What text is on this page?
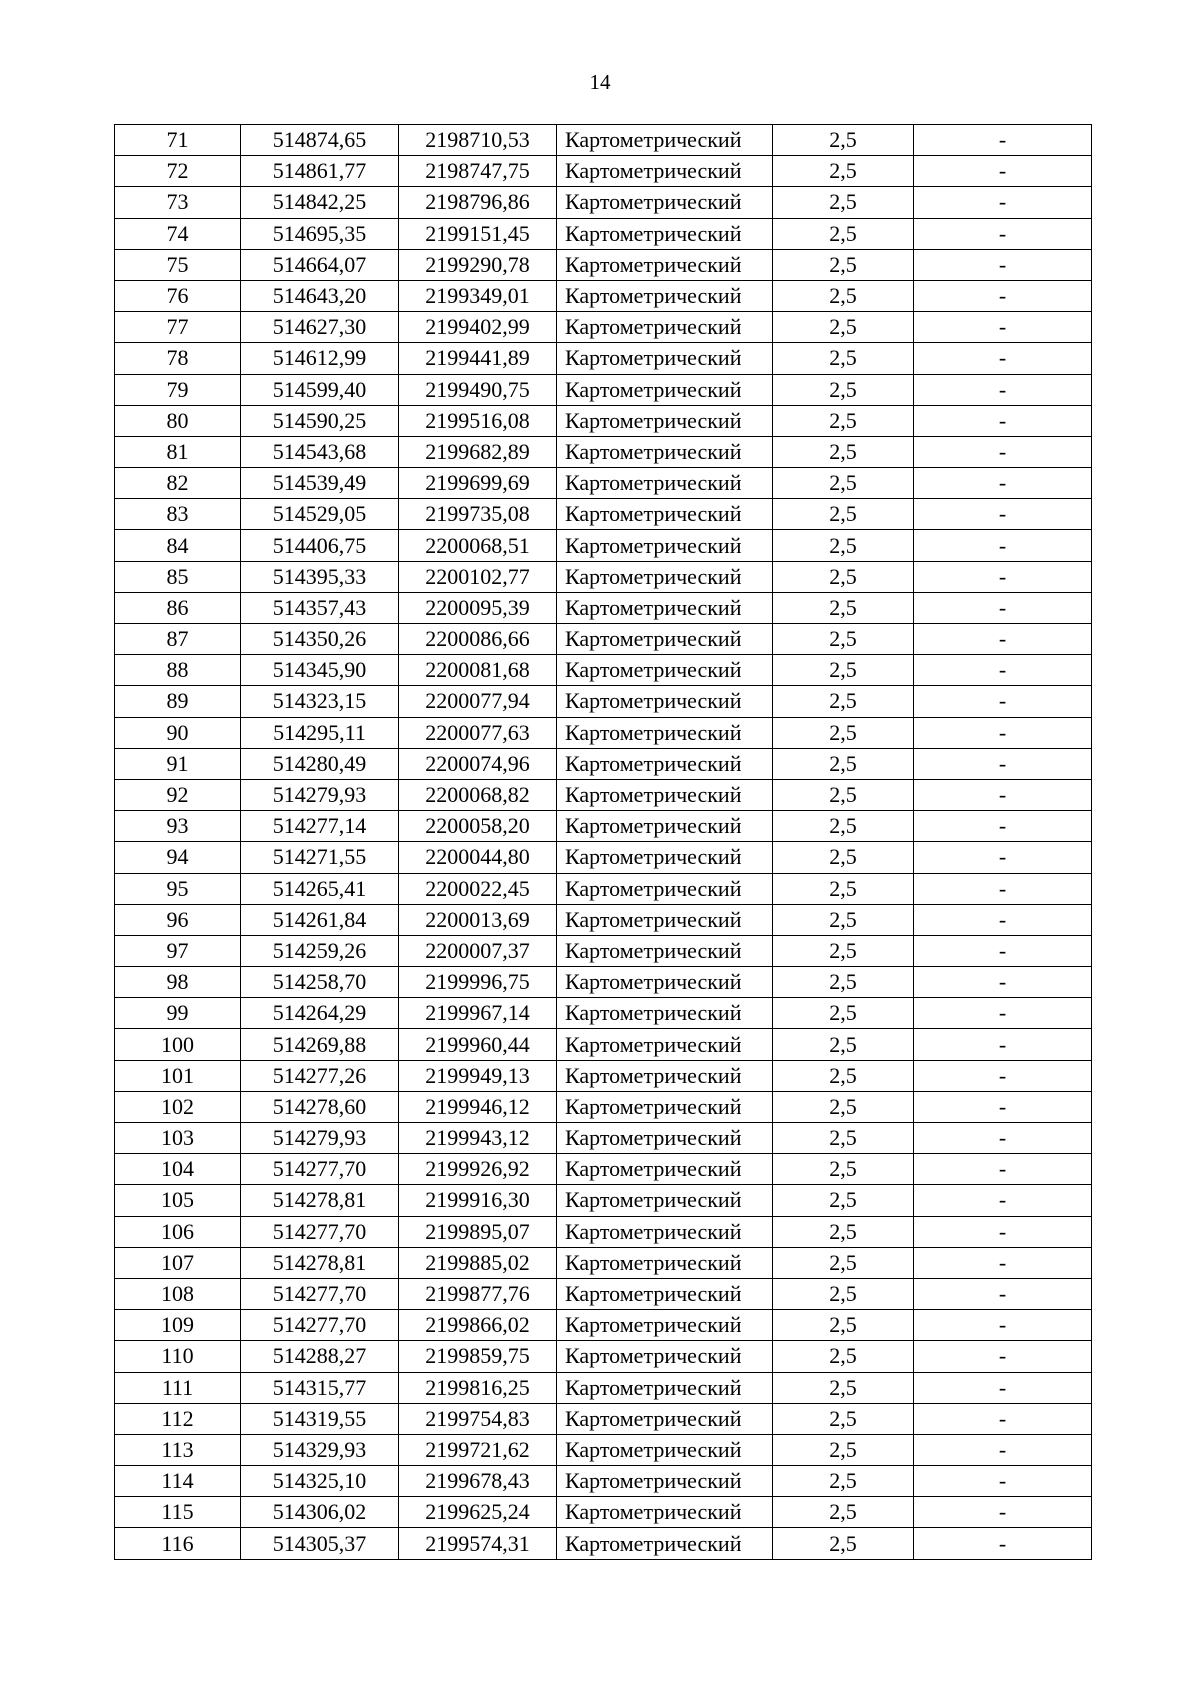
14
71	514874,65	2198710,53	Картометрический	2,5	-
72	514861,77	2198747,75	Картометрический	2,5	-
73	514842,25	2198796,86	Картометрический	2,5	-
74	514695,35	2199151,45	Картометрический	2,5	-
75	514664,07	2199290,78	Картометрический	2,5	-
76	514643,20	2199349,01	Картометрический	2,5	-
77	514627,30	2199402,99	Картометрический	2,5	-
78	514612,99	2199441,89	Картометрический	2,5	-
79	514599,40	2199490,75	Картометрический	2,5	-
80	514590,25	2199516,08	Картометрический	2,5	-
81	514543,68	2199682,89	Картометрический	2,5	-
82	514539,49	2199699,69	Картометрический	2,5	-
83	514529,05	2199735,08	Картометрический	2,5	-
84	514406,75	2200068,51	Картометрический	2,5	-
85	514395,33	2200102,77	Картометрический	2,5	-
86	514357,43	2200095,39	Картометрический	2,5	-
87	514350,26	2200086,66	Картометрический	2,5	-
88	514345,90	2200081,68	Картометрический	2,5	-
89	514323,15	2200077,94	Картометрический	2,5	-
90	514295,11	2200077,63	Картометрический	2,5	-
91	514280,49	2200074,96	Картометрический	2,5	-
92	514279,93	2200068,82	Картометрический	2,5	-
93	514277,14	2200058,20	Картометрический	2,5	-
94	514271,55	2200044,80	Картометрический	2,5	-
95	514265,41	2200022,45	Картометрический	2,5	-
96	514261,84	2200013,69	Картометрический	2,5	-
97	514259,26	2200007,37	Картометрический	2,5	-
98	514258,70	2199996,75	Картометрический	2,5	-
99	514264,29	2199967,14	Картометрический	2,5	-
100	514269,88	2199960,44	Картометрический	2,5	-
101	514277,26	2199949,13	Картометрический	2,5	-
102	514278,60	2199946,12	Картометрический	2,5	-
103	514279,93	2199943,12	Картометрический	2,5	-
104	514277,70	2199926,92	Картометрический	2,5	-
105	514278,81	2199916,30	Картометрический	2,5	-
106	514277,70	2199895,07	Картометрический	2,5	-
107	514278,81	2199885,02	Картометрический	2,5	-
108	514277,70	2199877,76	Картометрический	2,5	-
109	514277,70	2199866,02	Картометрический	2,5	-
110	514288,27	2199859,75	Картометрический	2,5	-
111	514315,77	2199816,25	Картометрический	2,5	-
112	514319,55	2199754,83	Картометрический	2,5	-
113	514329,93	2199721,62	Картометрический	2,5	-
114	514325,10	2199678,43	Картометрический	2,5	-
115	514306,02	2199625,24	Картометрический	2,5	-
116	514305,37	2199574,31	Картометрический	2,5	-
